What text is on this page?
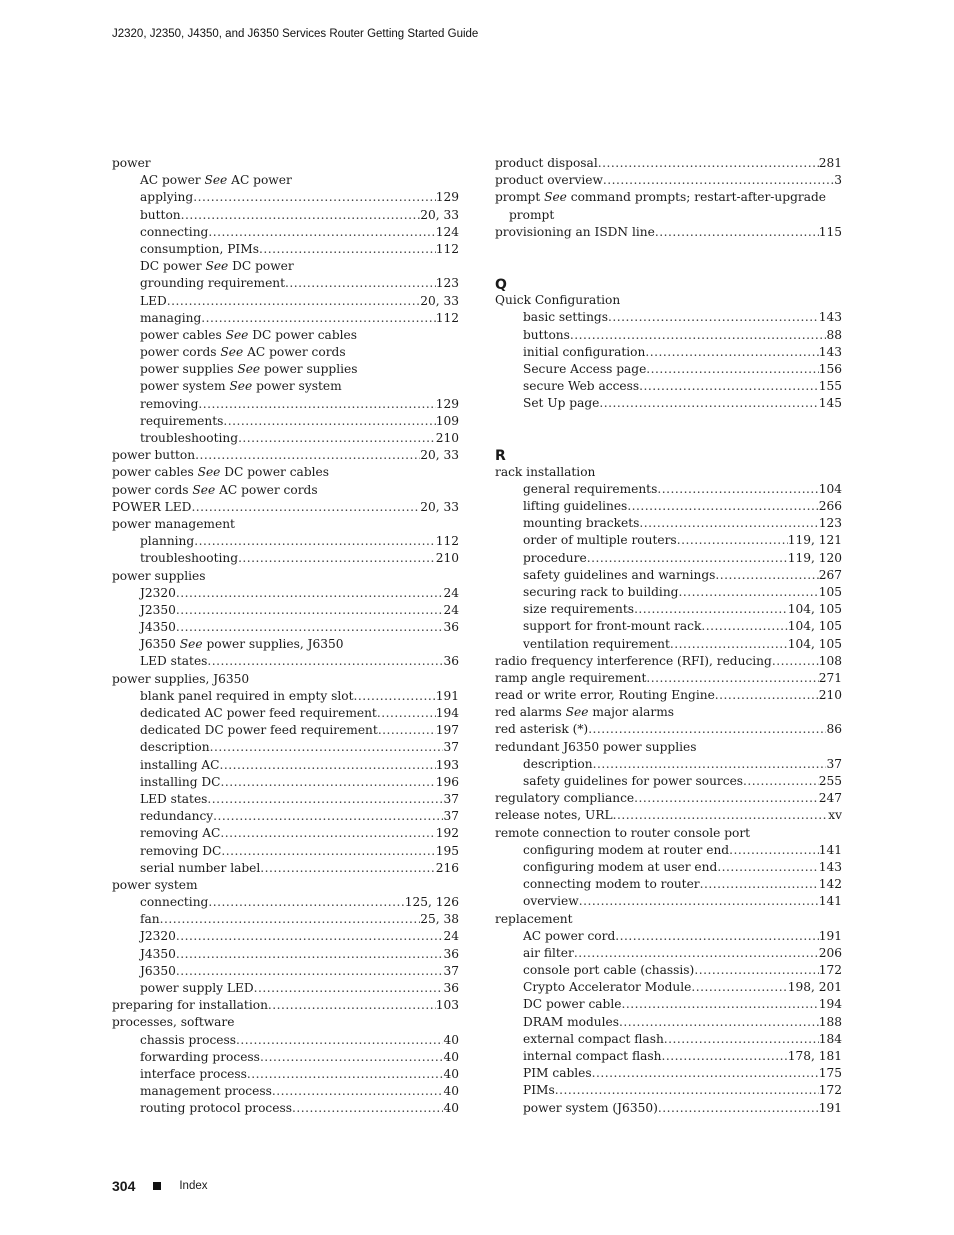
J2320, J2350, J4350, and J6350 Services Router Getting Started Guide
power
AC power See AC power
applying .....	129
button .....	20, 33
connecting .....	124
consumption, PIMs .....	112
DC power See DC power
grounding requirement .....	123
LED .....	20, 33
managing .....	112
power cables See DC power cables
power cords See AC power cords
power supplies See power supplies
power system See power system
removing .....	129
requirements .....	109
troubleshooting .....	210
power button .....	20, 33
power cables See DC power cables
power cords See AC power cords
POWER LED .....	20, 33
power management
planning .....	112
troubleshooting .....	210
power supplies
J2320 .....	24
J2350 .....	24
J4350 .....	36
J6350 See power supplies, J6350
LED states .....	36
power supplies, J6350
blank panel required in empty slot .....	191
dedicated AC power feed requirement .....	194
dedicated DC power feed requirement .....	197
description .....	37
installing AC .....	193
installing DC .....	196
LED states .....	37
redundancy .....	37
removing AC .....	192
removing DC .....	195
serial number label .....	216
power system
connecting .....	125, 126
fan .....	25, 38
J2320 .....	24
J4350 .....	36
J6350 .....	37
power supply LED .....	36
preparing for installation .....	103
processes, software
chassis process .....	40
forwarding process .....	40
interface process .....	40
management process .....	40
routing protocol process .....	40
product disposal .....	281
product overview .....	3
prompt See command prompts; restart-after-upgrade
prompt
provisioning an ISDN line .....	115
Q
Quick Configuration
basic settings .....	143
buttons .....	88
initial configuration .....	143
Secure Access page .....	156
secure Web access .....	155
Set Up page .....	145
R
rack installation
general requirements .....	104
lifting guidelines .....	266
mounting brackets .....	123
order of multiple routers .....	119, 121
procedure .....	119, 120
safety guidelines and warnings .....	267
securing rack to building .....	105
size requirements .....	104, 105
support for front-mount rack .....	104, 105
ventilation requirement .....	104, 105
radio frequency interference (RFI), reducing .....	108
ramp angle requirement .....	271
read or write error, Routing Engine .....	210
red alarms See major alarms
red asterisk (*) .....	86
redundant J6350 power supplies
description .....	37
safety guidelines for power sources .....	255
regulatory compliance .....	247
release notes, URL .....	xv
remote connection to router console port
configuring modem at router end .....	141
configuring modem at user end .....	143
connecting modem to router .....	142
overview .....	141
replacement
AC power cord .....	191
air filter .....	206
console port cable (chassis) .....	172
Crypto Accelerator Module .....	198, 201
DC power cable .....	194
DRAM modules .....	188
external compact flash .....	184
internal compact flash .....	178, 181
PIM cables .....	175
PIMs .....	172
power system (J6350) .....	191
304	Index
